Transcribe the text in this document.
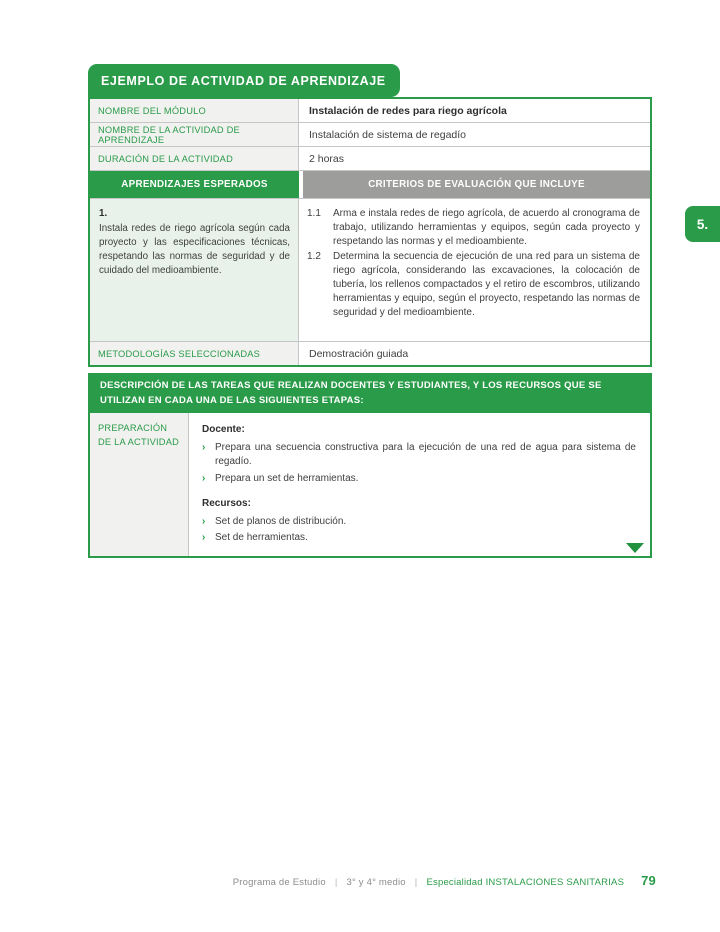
EJEMPLO DE ACTIVIDAD DE APRENDIZAJE
NOMBRE DEL MÓDULO	Instalación de redes para riego agrícola
NOMBRE DE LA ACTIVIDAD DE APRENDIZAJE	Instalación de sistema de regadío
DURACIÓN DE LA ACTIVIDAD	2 horas
APRENDIZAJES ESPERADOS	CRITERIOS DE EVALUACIÓN QUE INCLUYE
1.
Instala redes de riego agrícola según cada proyecto y las especificaciones técnicas, respetando las normas de seguridad y de cuidado del medioambiente.
1.1	Arma e instala redes de riego agrícola, de acuerdo al cronograma de trabajo, utilizando herramientas y equipos, según cada proyecto y respetando las normas y el medioambiente.
1.2	Determina la secuencia de ejecución de una red para un sistema de riego agrícola, considerando las excavaciones, la colocación de tubería, los rellenos compactados y el retiro de escombros, utilizando herramientas y equipo, según el proyecto, respetando las normas de seguridad y del medioambiente.
METODOLOGÍAS SELECCIONADAS	Demostración guiada
DESCRIPCIÓN DE LAS TAREAS QUE REALIZAN DOCENTES Y ESTUDIANTES, Y LOS RECURSOS QUE SE UTILIZAN EN CADA UNA DE LAS SIGUIENTES ETAPAS:
PREPARACIÓN DE LA ACTIVIDAD
Docente:
› Prepara una secuencia constructiva para la ejecución de una red de agua para sistema de regadío.
› Prepara un set de herramientas.
Recursos:
› Set de planos de distribución.
› Set de herramientas.
5.
Programa de Estudio | 3° y 4° medio | Especialidad INSTALACIONES SANITARIAS 79
